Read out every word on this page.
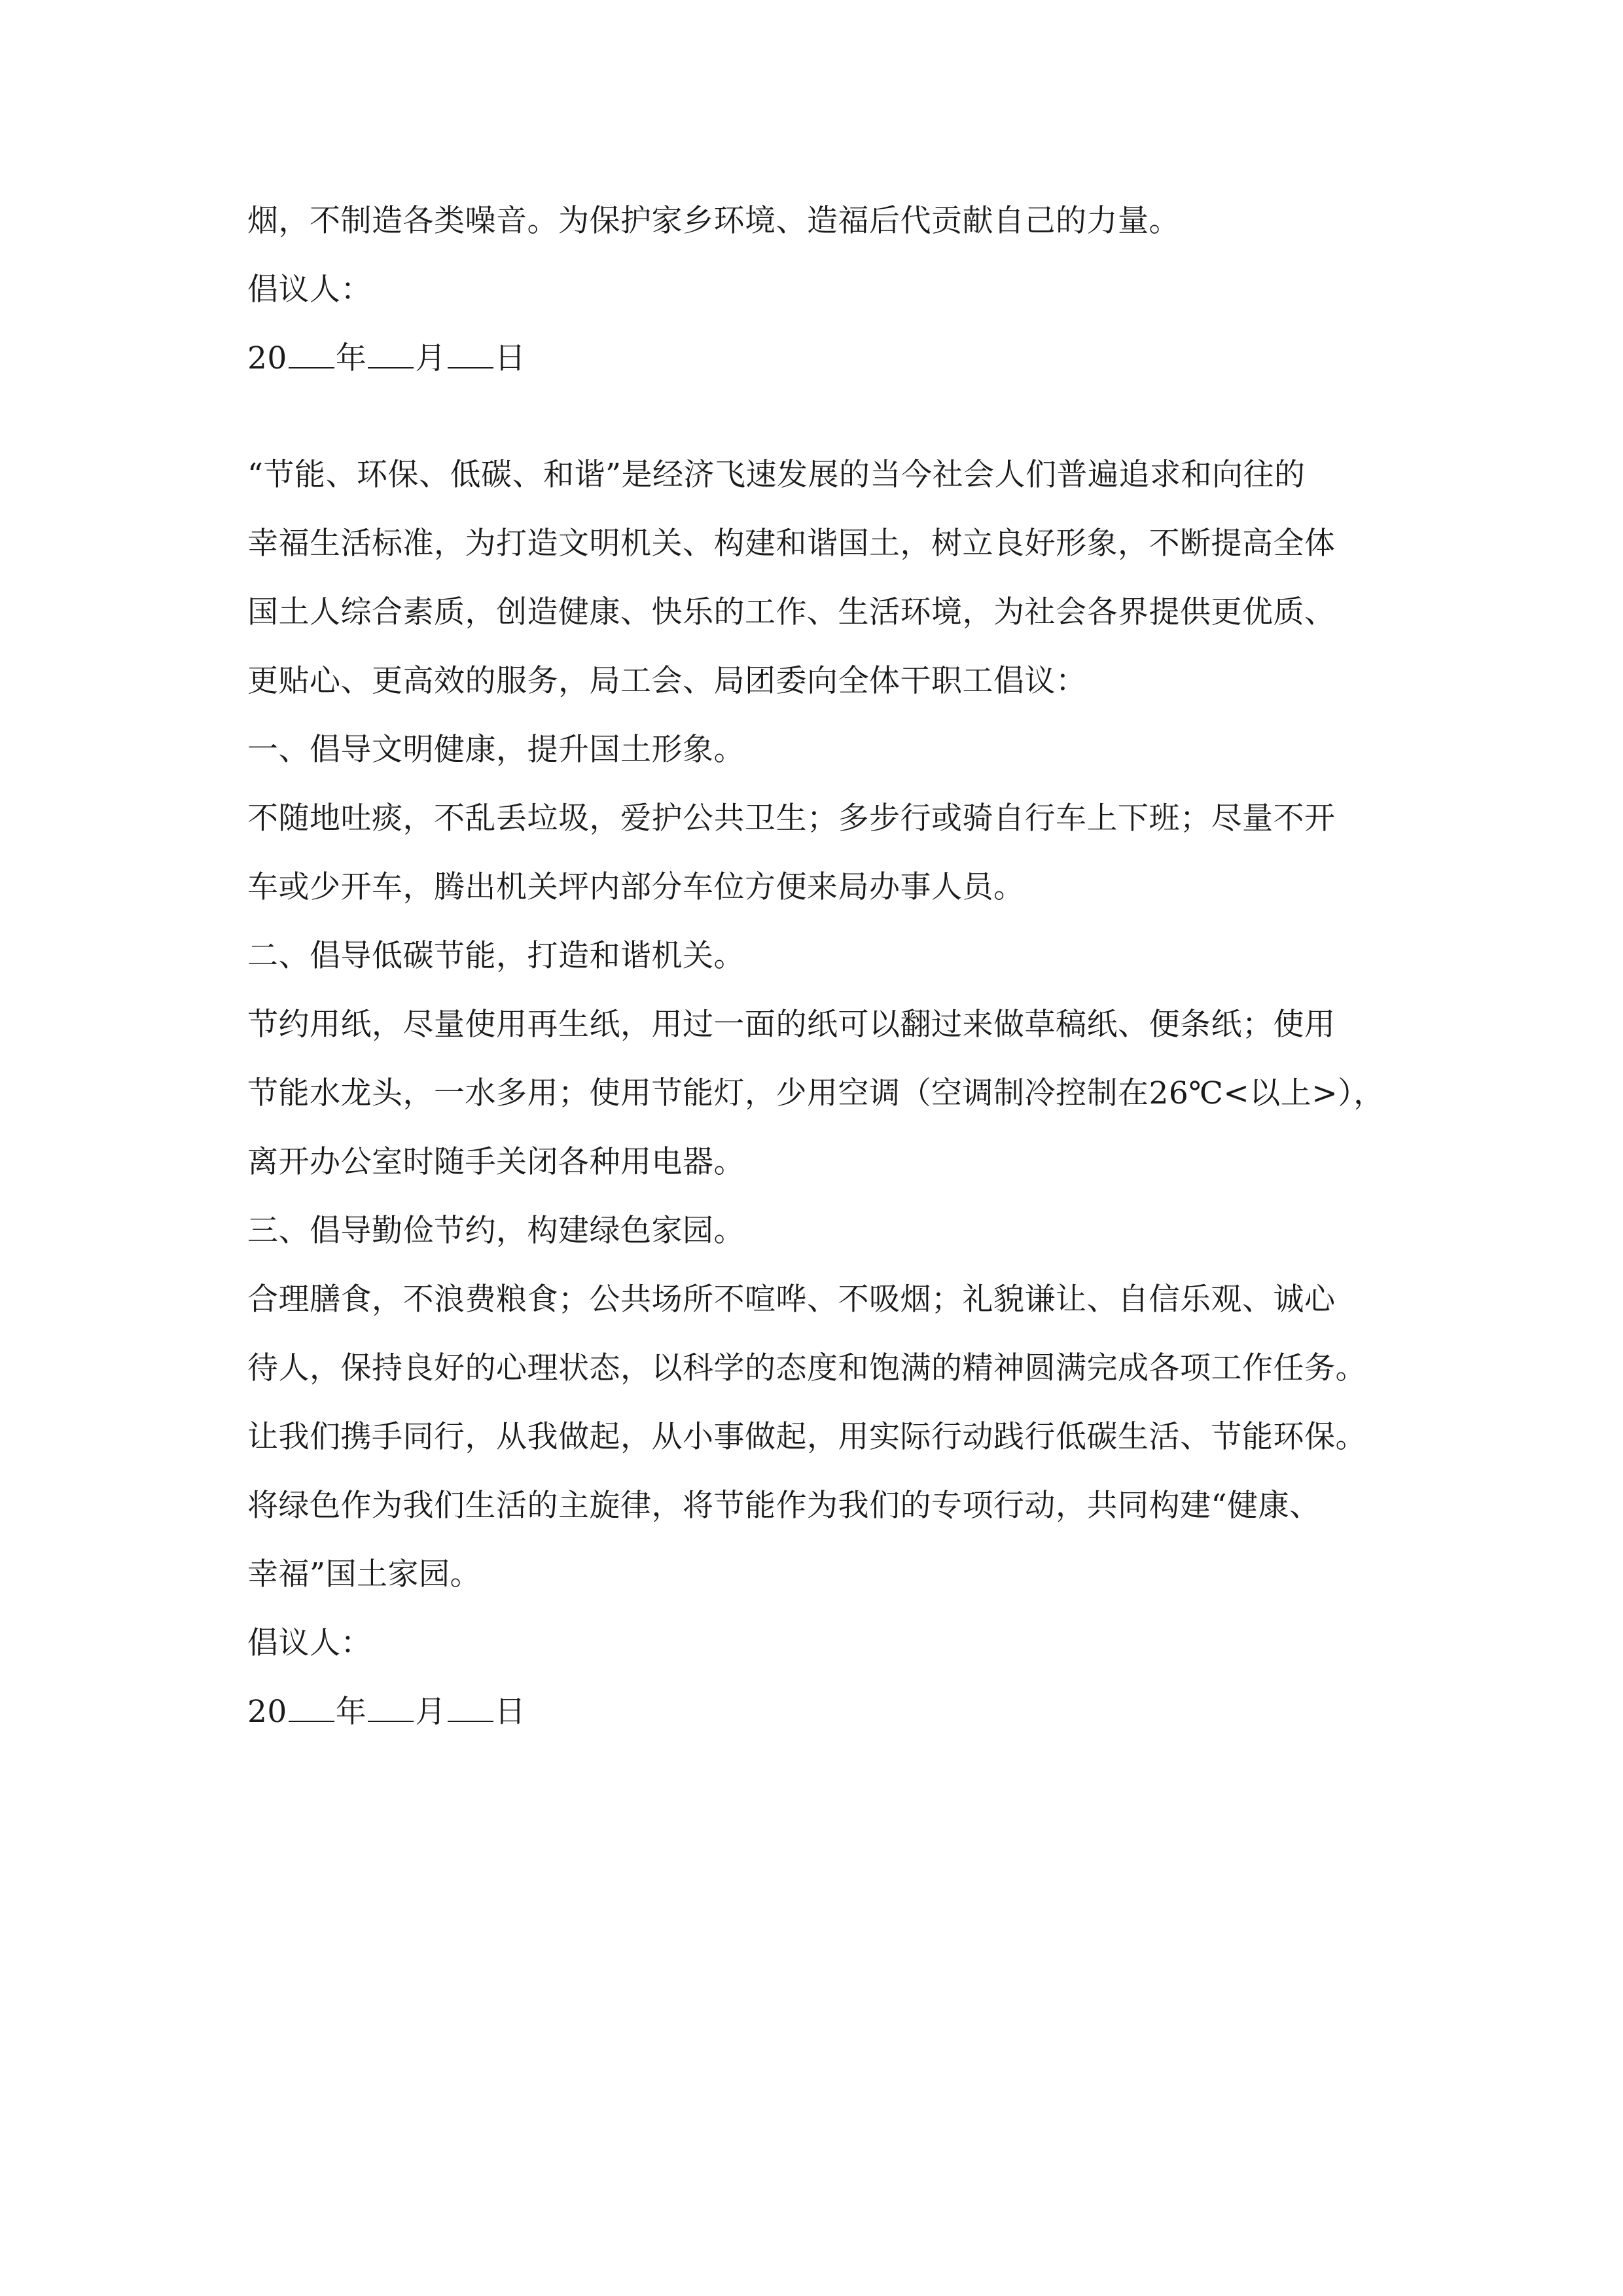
烟，不制造各类噪音。为保护家乡环境、造福后代贡献自己的力量。
倡议人：
20 年 月 日
“节能、环保、低碳、和谐”是经济飞速发展的当今社会人们普遍追求和向往的
幸福生活标准，为打造文明机关、构建和谐国土，树立良好形象，不断提高全体
国土人综合素质，创造健康、快乐的工作、生活环境，为社会各界提供更优质、
更贴心、更高效的服务，局工会、局团委向全体干职工倡议：
一、倡导文明健康，提升国土形象。
不随地吐痰，不乱丢垃圾，爱护公共卫生；多步行或骑自行车上下班；尽量不开
车或少开车，腾出机关坪内部分车位方便来局办事人员。
二、倡导低碳节能，打造和谐机关。
节约用纸，尽量使用再生纸，用过一面的纸可以翻过来做草稿纸、便条纸；使用
节能水龙头，一水多用；使用节能灯，少用空调（空调制冷控制在26℃<以上>），
离开办公室时随手关闭各种用电器。
三、倡导勤俭节约，构建绿色家园。
合理膳食，不浪费粮食；公共场所不喧哗、不吸烟；礼貌谦让、自信乐观、诚心
待人，保持良好的心理状态，以科学的态度和饱满的精神圆满完成各项工作任务。
让我们携手同行，从我做起，从小事做起，用实际行动践行低碳生活、节能环保。
将绿色作为我们生活的主旋律，将节能作为我们的专项行动，共同构建“健康、
幸福”国土家园。
倡议人：
20 年 月 日
